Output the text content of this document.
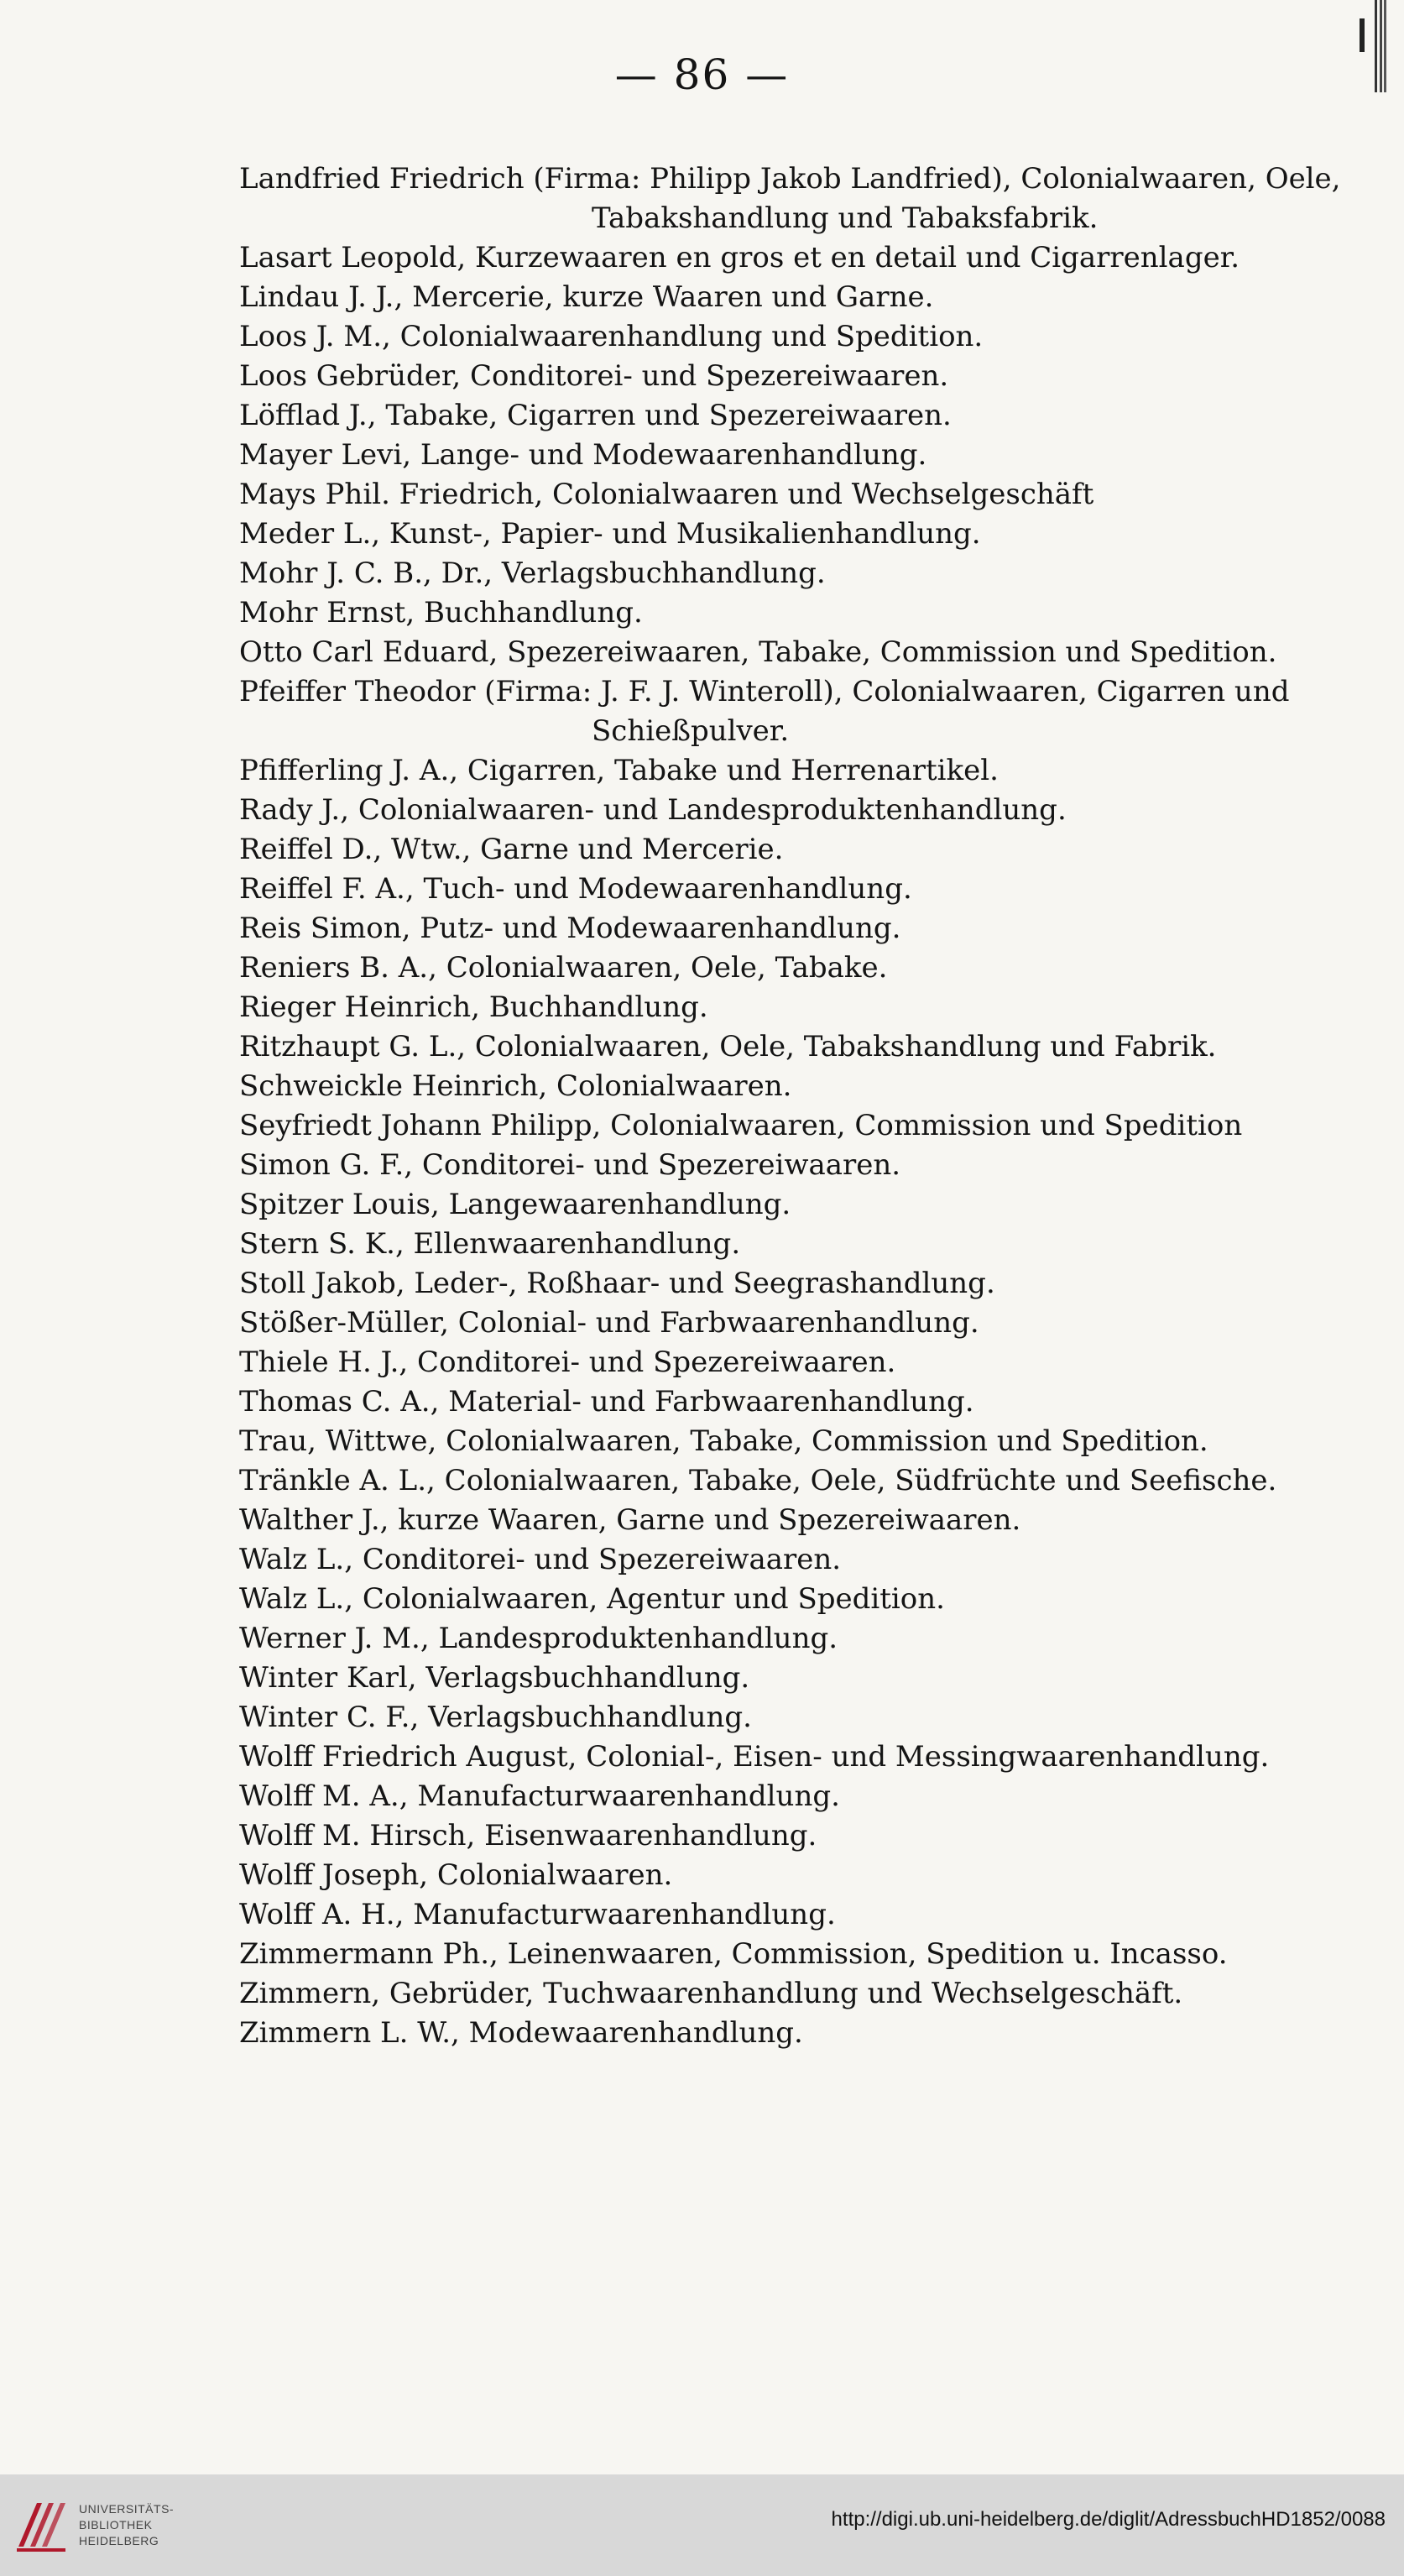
— 86 —
Landfried Friedrich (Firma: Philipp Jakob Landfried), Colonialwaaren, Oele, Tabakshandlung und Tabaksfabrik.
Lasart Leopold, Kurzewaaren en gros et en detail und Cigarrenlager.
Lindau J. J., Mercerie, kurze Waaren und Garne.
Loos J. M., Colonialwaarenhandlung und Spedition.
Loos Gebrüder, Conditorei- und Spezereiwaaren.
Löfflad J., Tabake, Cigarren und Spezereiwaaren.
Mayer Levi, Lange- und Modewaarenhandlung.
Mays Phil. Friedrich, Colonialwaaren und Wechselgeschäft
Meder L., Kunst-, Papier- und Musikalienhandlung.
Mohr J. C. B., Dr., Verlagsbuchhandlung.
Mohr Ernst, Buchhandlung.
Otto Carl Eduard, Spezereiwaaren, Tabake, Commission und Spedition.
Pfeiffer Theodor (Firma: J. F. J. Winteroll), Colonialwaaren, Cigarren und Schießpulver.
Pfifferling J. A., Cigarren, Tabake und Herrenartikel.
Rady J., Colonialwaaren- und Landesproduktenhandlung.
Reiffel D., Wtw., Garne und Mercerie.
Reiffel F. A., Tuch- und Modewaarenhandlung.
Reis Simon, Putz- und Modewaarenhandlung.
Reniers B. A., Colonialwaaren, Oele, Tabake.
Rieger Heinrich, Buchhandlung.
Ritzhaupt G. L., Colonialwaaren, Oele, Tabakshandlung und Fabrik.
Schweickle Heinrich, Colonialwaaren.
Seyfriedt Johann Philipp, Colonialwaaren, Commission und Spedition
Simon G. F., Conditorei- und Spezereiwaaren.
Spitzer Louis, Langewaarenhandlung.
Stern S. K., Ellenwaarenhandlung.
Stoll Jakob, Leder-, Roßhaar- und Seegrashandlung.
Stößer-Müller, Colonial- und Farbwaarenhandlung.
Thiele H. J., Conditorei- und Spezereiwaaren.
Thomas C. A., Material- und Farbwaarenhandlung.
Trau, Wittwe, Colonialwaaren, Tabake, Commission und Spedition.
Tränkle A. L., Colonialwaaren, Tabake, Oele, Südfrüchte und Seefische.
Walther J., kurze Waaren, Garne und Spezereiwaaren.
Walz L., Conditorei- und Spezereiwaaren.
Walz L., Colonialwaaren, Agentur und Spedition.
Werner J. M., Landesproduktenhandlung.
Winter Karl, Verlagsbuchhandlung.
Winter C. F., Verlagsbuchhandlung.
Wolff Friedrich August, Colonial-, Eisen- und Messingwaarenhandlung.
Wolff M. A., Manufacturwaarenhandlung.
Wolff M. Hirsch, Eisenwaarenhandlung.
Wolff Joseph, Colonialwaaren.
Wolff A. H., Manufacturwaarenhandlung.
Zimmermann Ph., Leinenwaaren, Commission, Spedition u. Incasso.
Zimmern, Gebrüder, Tuchwaarenhandlung und Wechselgeschäft.
Zimmern L. W., Modewaarenhandlung.
UNIVERSITÄTS-
BIBLIOTHEK
HEIDELBERG
http://digi.ub.uni-heidelberg.de/diglit/AdressbuchHD1852/0088
